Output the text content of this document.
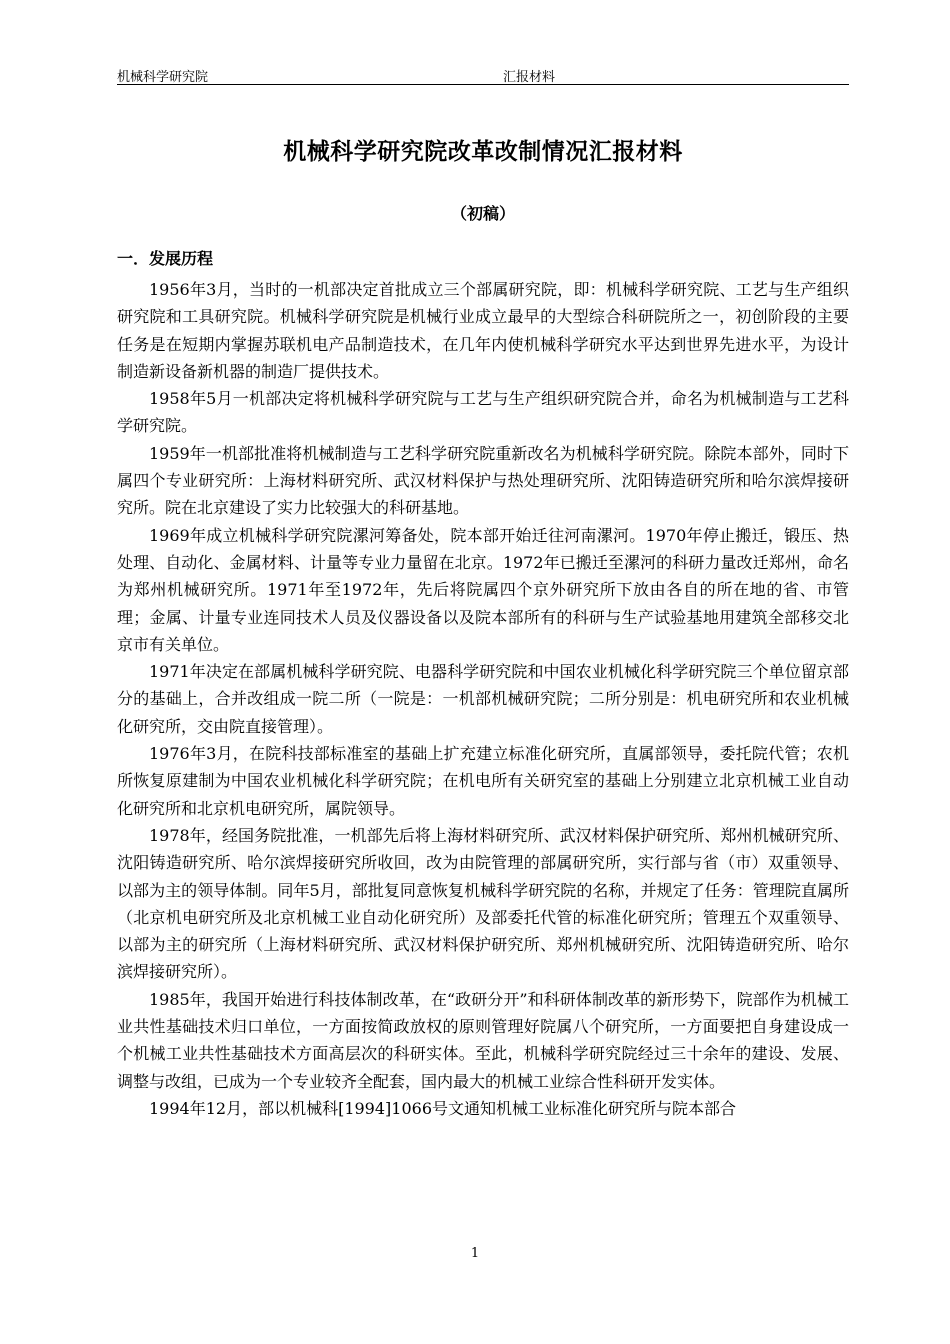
机械科学研究院	汇报材料
机械科学研究院改革改制情况汇报材料
（初稿）
一．发展历程

1956年3月，当时的一机部决定首批成立三个部属研究院，即：机械科学研究院、工艺与生产组织研究院和工具研究院。机械科学研究院是机械行业成立最早的大型综合科研院所之一，初创阶段的主要任务是在短期内掌握苏联机电产品制造技术，在几年内使机械科学研究水平达到世界先进水平，为设计制造新设备新机器的制造厂提供技术。

1958年5月一机部决定将机械科学研究院与工艺与生产组织研究院合并，命名为机械制造与工艺科学研究院。

1959年一机部批准将机械制造与工艺科学研究院重新改名为机械科学研究院。除院本部外，同时下属四个专业研究所：上海材料研究所、武汉材料保护与热处理研究所、沈阳铸造研究所和哈尔滨焊接研究所。院在北京建设了实力比较强大的科研基地。

1969年成立机械科学研究院漯河筹备处，院本部开始迁往河南漯河。1970年停止搬迁，锻压、热处理、自动化、金属材料、计量等专业力量留在北京。1972年已搬迁至漯河的科研力量改迁郑州，命名为郑州机械研究所。1971年至1972年，先后将院属四个京外研究所下放由各自的所在地的省、市管理；金属、计量专业连同技术人员及仪器设备以及院本部所有的科研与生产试验基地用建筑全部移交北京市有关单位。

1971年决定在部属机械科学研究院、电器科学研究院和中国农业机械化科学研究院三个单位留京部分的基础上，合并改组成一院二所（一院是：一机部机械研究院；二所分别是：机电研究所和农业机械化研究所，交由院直接管理）。

1976年3月，在院科技部标准室的基础上扩充建立标准化研究所，直属部领导，委托院代管；农机所恢复原建制为中国农业机械化科学研究院；在机电所有关研究室的基础上分别建立北京机械工业自动化研究所和北京机电研究所，属院领导。

1978年，经国务院批准，一机部先后将上海材料研究所、武汉材料保护研究所、郑州机械研究所、沈阳铸造研究所、哈尔滨焊接研究所收回，改为由院管理的部属研究所，实行部与省（市）双重领导、以部为主的领导体制。同年5月，部批复同意恢复机械科学研究院的名称，并规定了任务：管理院直属所（北京机电研究所及北京机械工业自动化研究所）及部委托代管的标准化研究所；管理五个双重领导、以部为主的研究所（上海材料研究所、武汉材料保护研究所、郑州机械研究所、沈阳铸造研究所、哈尔滨焊接研究所）。

1985年，我国开始进行科技体制改革，在“政研分开”和科研体制改革的新形势下，院部作为机械工业共性基础技术归口单位，一方面按简政放权的原则管理好院属八个研究所，一方面要把自身建设成一个机械工业共性基础技术方面高层次的科研实体。至此，机械科学研究院经过三十余年的建设、发展、调整与改组，已成为一个专业较齐全配套，国内最大的机械工业综合性科研开发实体。

1994年12月，部以机械科[1994]1066号文通知机械工业标准化研究所与院本部合

1
